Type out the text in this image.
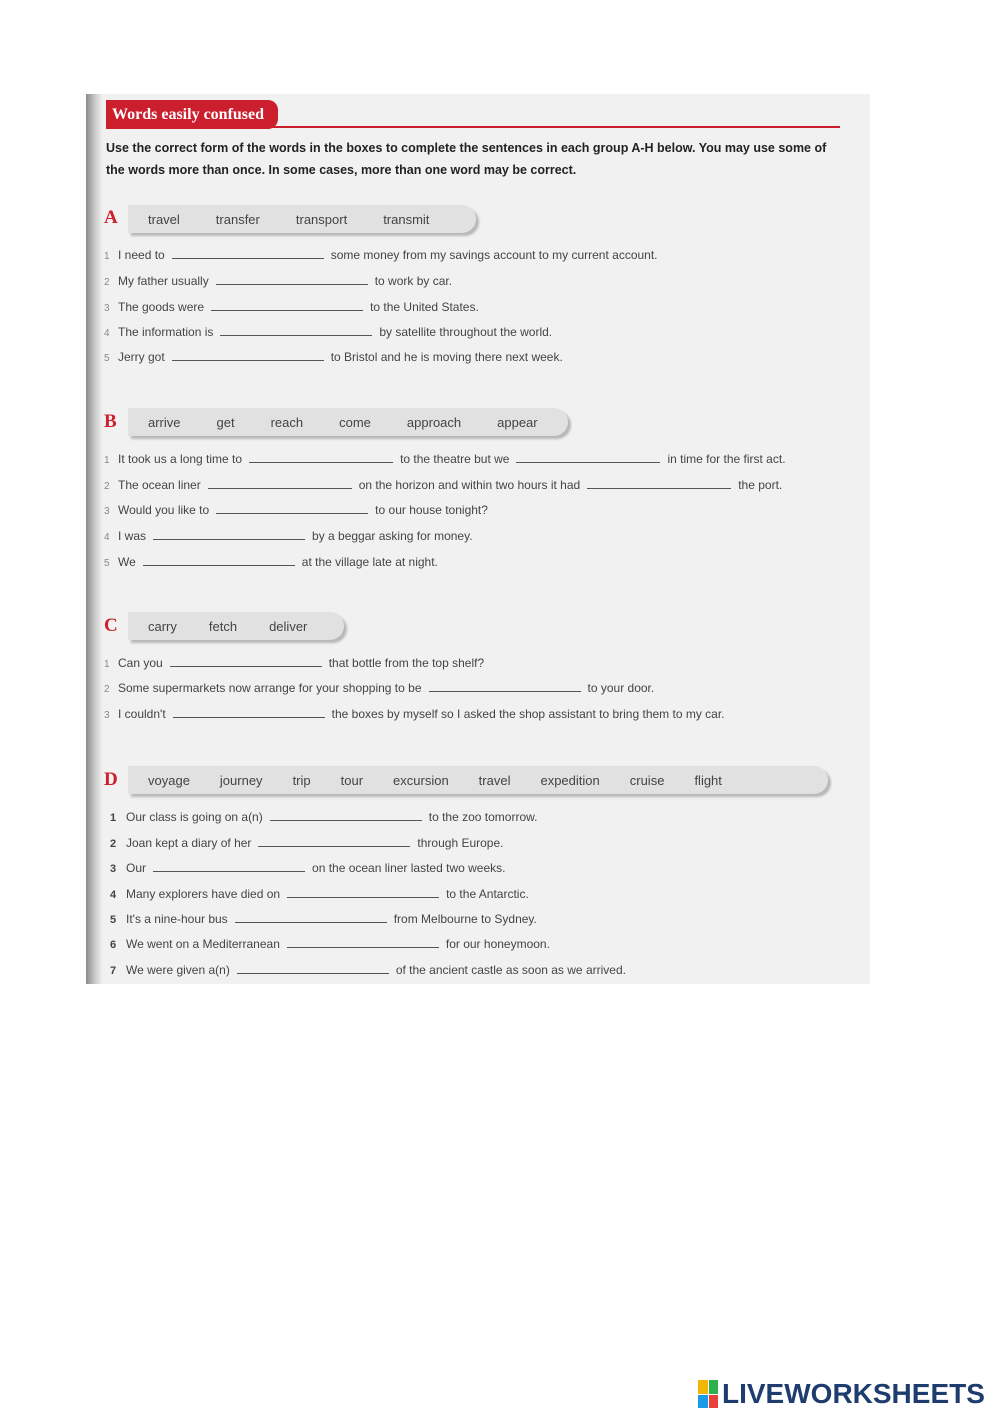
Words easily confused
Use the correct form of the words in the boxes to complete the sentences in each group A-H below. You may use some of the words more than once. In some cases, more than one word may be correct.
A travel	transfer	transport	transmit
1 I need to	some money from my savings account to my current account.
2 My father usually	to work by car.
3 The goods were	to the United States.
4 The information is	by satellite throughout the world.
5 Jerry got	to Bristol and he is moving there next week.
B arrive	get	reach	come	approach	appear
1 It took us a long time to	to the theatre but we	in time for the first act.
2 The ocean liner	on the horizon and within two hours it had	the port.
3 Would you like to	to our house tonight?
4 I was	by a beggar asking for money.
5 We	at the village late at night.
C carry fetch deliver
1 Can you	that bottle from the top shelf?
2 Some supermarkets now arrange for your shopping to be	to your door.
3 I couldn't	the boxes by myself so I asked the shop assistant to bring them to my car.
D voyage journey trip tour excursion travel expedition cruise flight
1 Our class is going on a(n)	to the zoo tomorrow.
2 Joan kept a diary of her	through Europe.
3 Our	on the ocean liner lasted two weeks.
4 Many explorers have died on	to the Antarctic.
5 It's a nine-hour bus	from Melbourne to Sydney.
6 We went on a Mediterranean	for our honeymoon.
7 We were given a(n)	of the ancient castle as soon as we arrived.
LIVEWORKSHEETS
